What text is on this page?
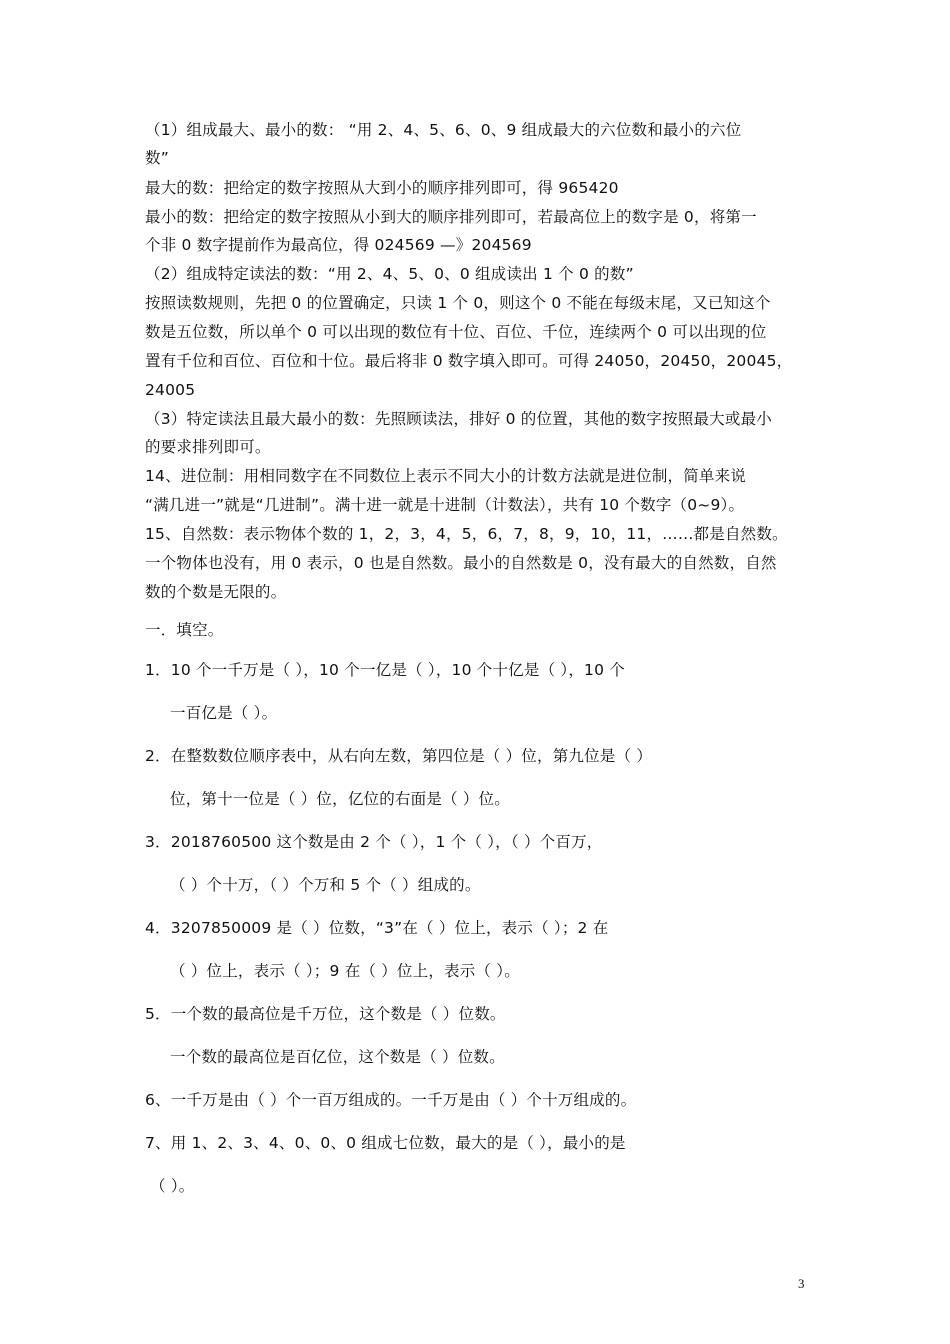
（1）组成最大、最小的数： “用 2、4、5、6、0、9 组成最大的六位数和最小的六位
数”
最大的数：把给定的数字按照从大到小的顺序排列即可，得 965420
最小的数：把给定的数字按照从小到大的顺序排列即可，若最高位上的数字是 0，将第一
个非 0 数字提前作为最高位，得 024569 —》204569
（2）组成特定读法的数：“用 2、4、5、0、0 组成读出 1 个 0 的数”
按照读数规则，先把 0 的位置确定，只读 1 个 0，则这个 0 不能在每级末尾，又已知这个
数是五位数，所以单个 0 可以出现的数位有十位、百位、千位，连续两个 0 可以出现的位
置有千位和百位、百位和十位。最后将非 0 数字填入即可。可得 24050，20450，20045，
24005
（3）特定读法且最大最小的数：先照顾读法，排好 0 的位置，其他的数字按照最大或最小
的要求排列即可。
14、进位制：用相同数字在不同数位上表示不同大小的计数方法就是进位制，简单来说
“满几进一”就是“几进制”。满十进一就是十进制（计数法），共有 10 个数字（0~9）。
15、自然数：表示物体个数的 1，2，3，4，5，6，7，8，9，10，11，……都是自然数。
一个物体也没有，用 0 表示，0 也是自然数。最小的自然数是 0，没有最大的自然数，自然
数的个数是无限的。
一．填空。
1．10 个一千万是（ ），10 个一亿是（ ），10 个十亿是（ ），10 个
一百亿是（ ）。
2．在整数数位顺序表中，从右向左数，第四位是（ ）位，第九位是（ ）
位，第十一位是（ ）位，亿位的右面是（ ）位。
3．2018760500 这个数是由 2 个（ ），1 个（ ），（ ）个百万，
（ ）个十万，（ ）个万和 5 个（ ）组成的。
4．3207850009 是（ ）位数，“3”在（ ）位上，表示（ ）；2 在
（ ）位上，表示（ ）；9 在（ ）位上，表示（ ）。
5．一个数的最高位是千万位，这个数是（ ）位数。
一个数的最高位是百亿位，这个数是（ ）位数。
6、一千万是由（ ）个一百万组成的。一千万是由（ ）个十万组成的。
7、用 1、2、3、4、0、0、0 组成七位数，最大的是（ ），最小的是
（ ）。
3
